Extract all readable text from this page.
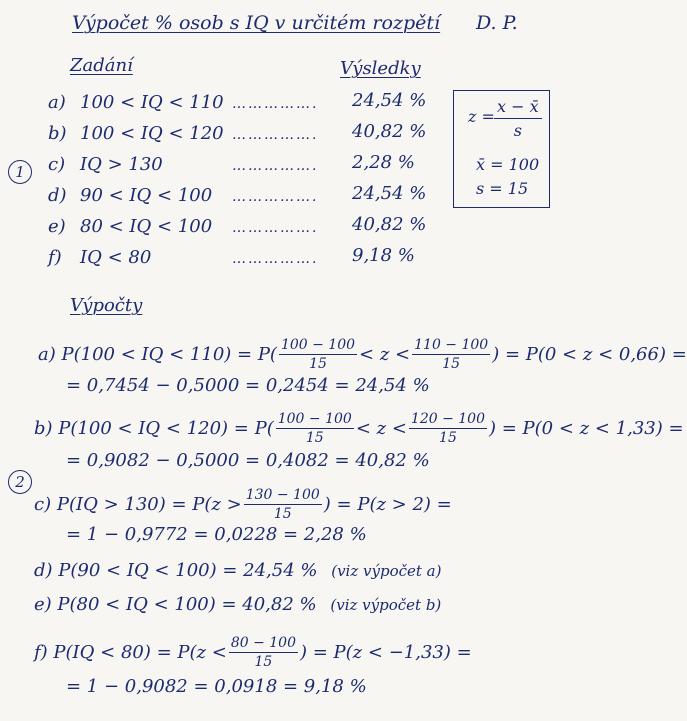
Výpočet % osob s IQ v určitém rozpětí D. P.
Zadání	Výsledky
1
a) 100 < IQ < 110 ……………. 24,54 %
b) 100 < IQ < 120 ……………. 40,82 %
c) IQ > 130	……………. 2,28 %
d) 90 < IQ < 100 ……………. 24,54 %
e) 80 < IQ < 100 ……………. 40,82 %
f) IQ < 80	……………. 9,18 %
$z = \frac{x - x̄}{s}$
x̄ = 100
s = 15
Výpočty
a)
P(100 < IQ < $110) = P( \frac{100 - 100}{15} < z < \frac{110 - 100}{15}$ ) = P(0 < z < 0,66) =
= 0,7454 − 0,5000 = 0,2454 = 24,54 %
2
b)
P(100 < IQ < $120) = P( \frac{100 - 100}{15} < z < \frac{120 - 100}{15}$ ) = P(0 < z < 1,33) =
= 0,9082 − 0,5000 = 0,4082 = 40,82 %
c)
$P(IQ > 130) = P(z > \frac{130 - 100}{15}$ ) = P(z > 2) =
= 1 − 0,9772 = 0,0228 = 2,28 %
d) P(90 < IQ < 100) = 24,54 % (viz výpočet a)
e) P(80 < IQ < 100) = 40,82 % (viz výpočet b)
f)
$P(IQ < 80) = P(z < \frac{80 - 100}{15}$ ) = P(z < −1,33) =
= 1 − 0,9082 = 0,0918 = 9,18 %
